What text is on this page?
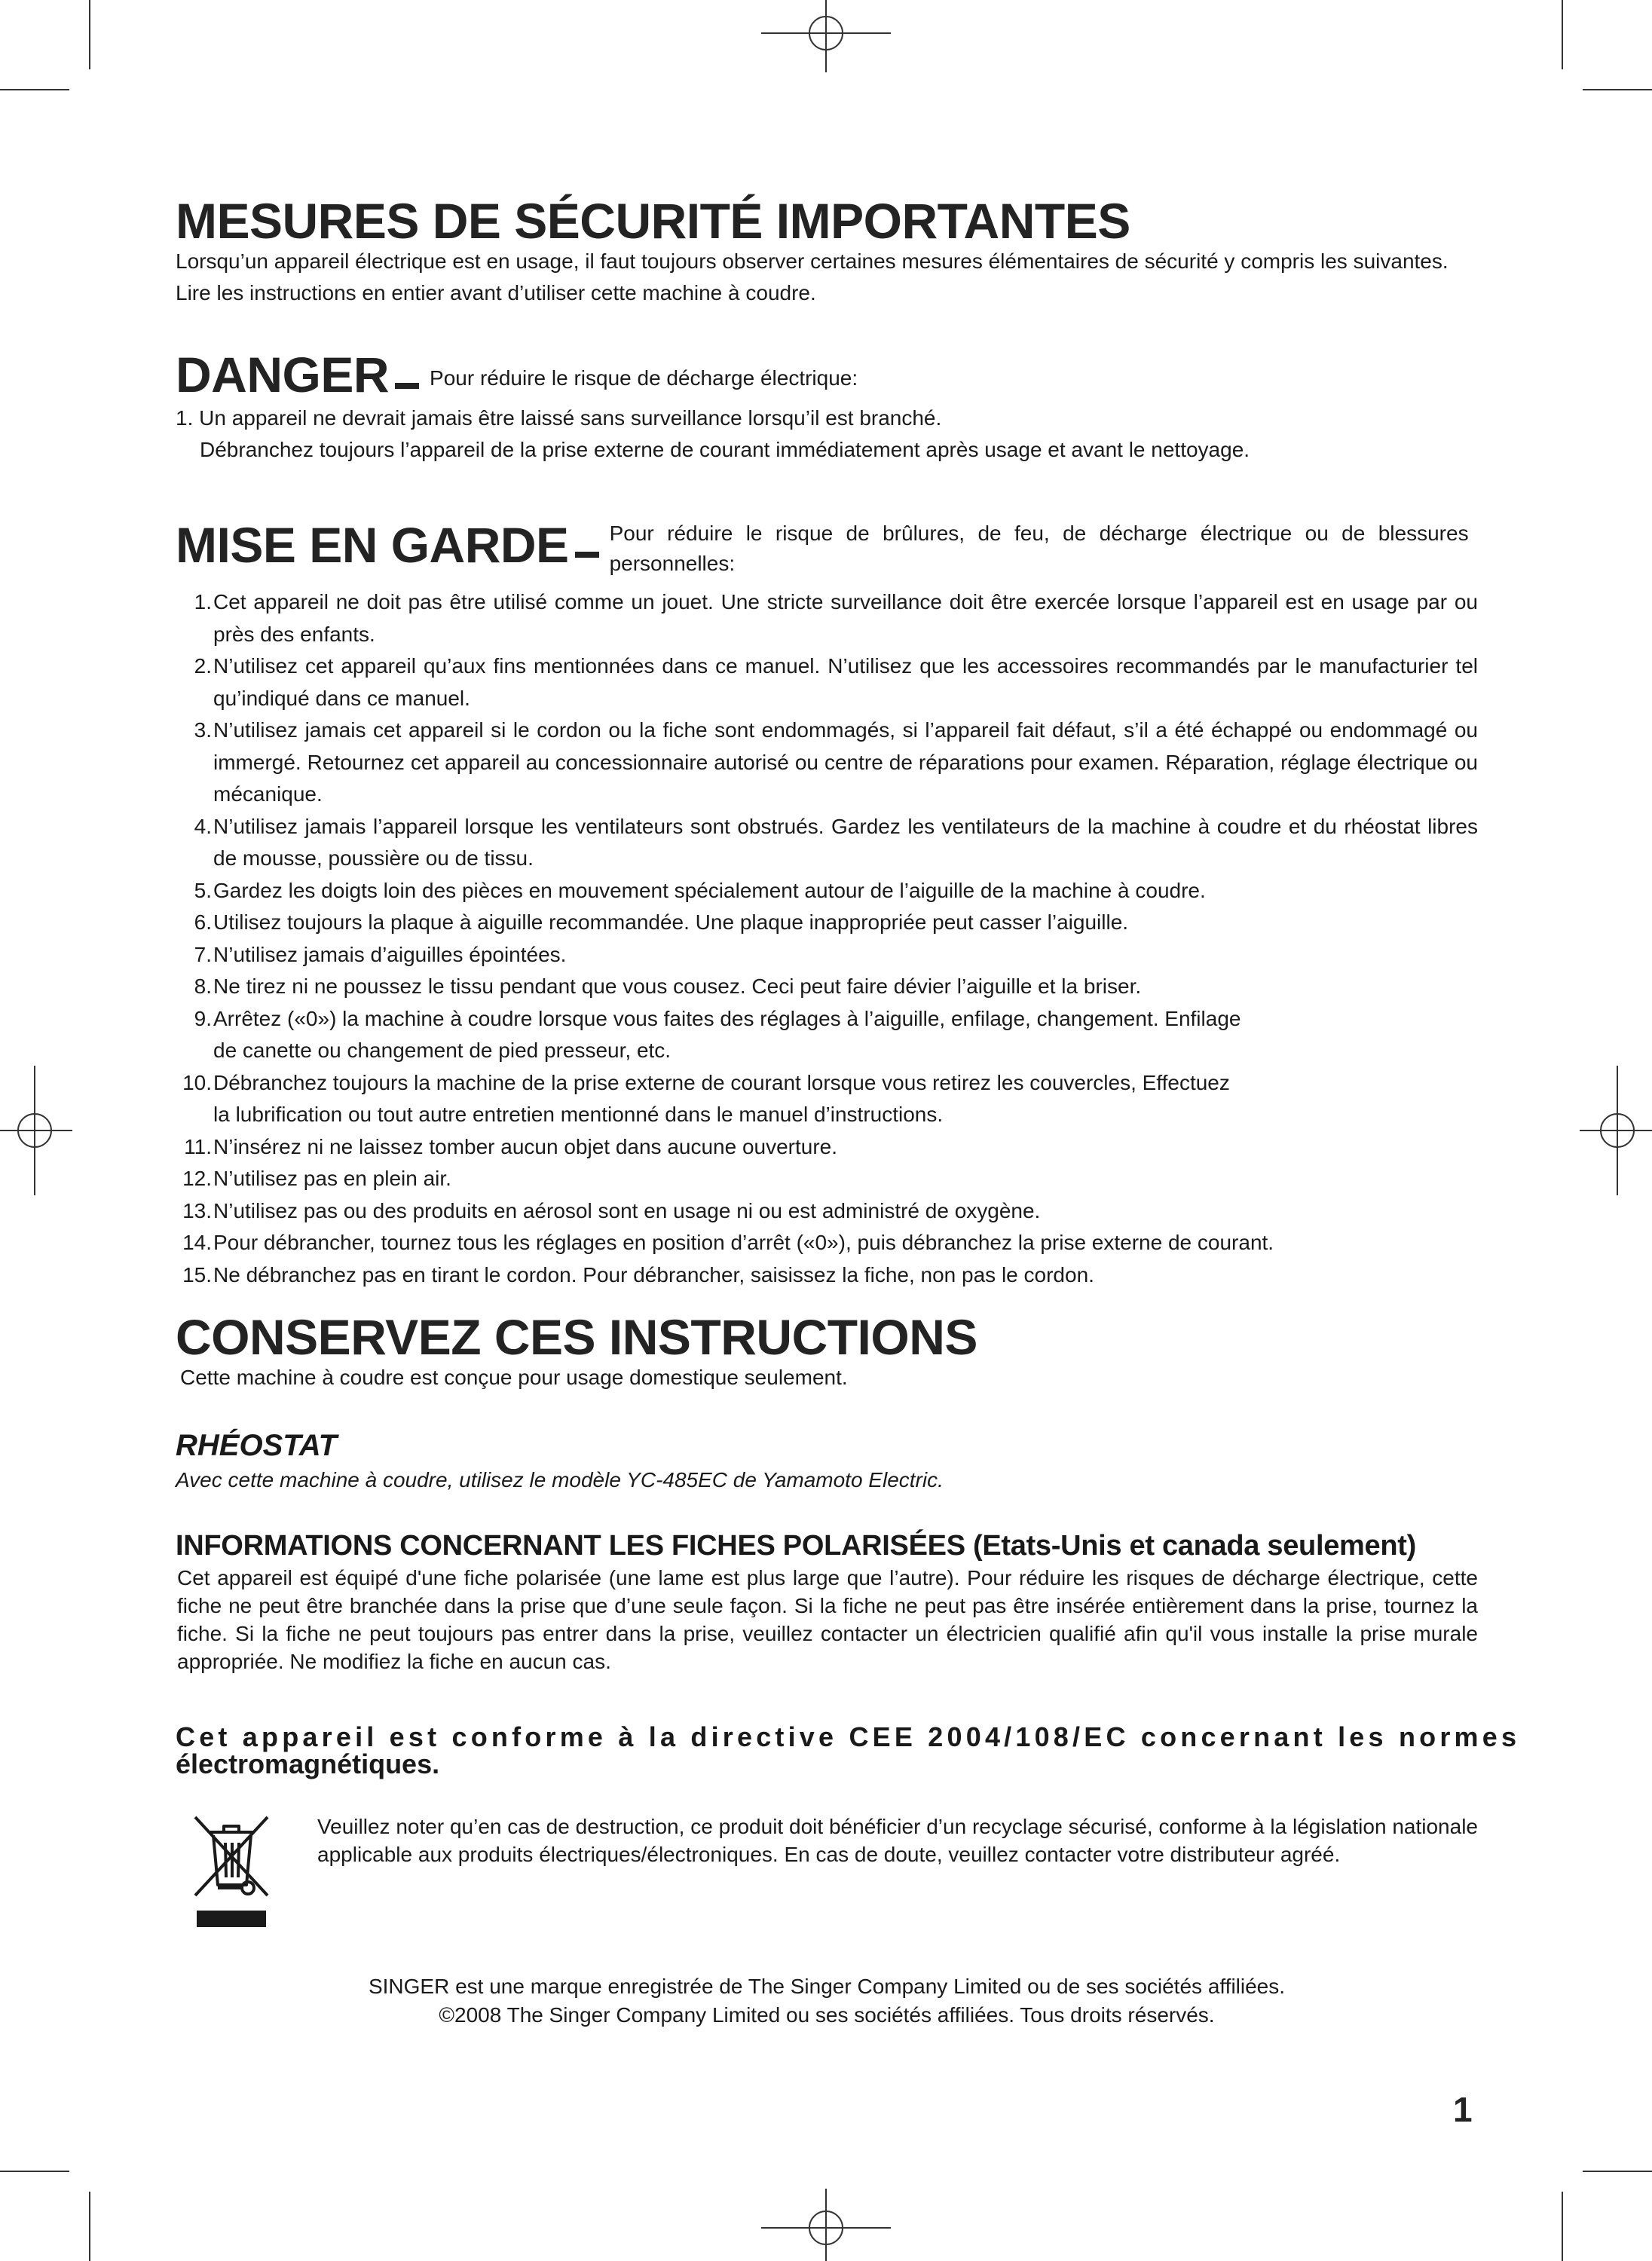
MESURES DE SÉCURITÉ IMPORTANTES

Lorsqu’un appareil électrique est en usage, il faut toujours observer certaines mesures élémentaires de sécurité y compris les suivantes.

Lire les instructions en entier avant d’utiliser cette machine à coudre.

DANGER Pour réduire le risque de décharge électrique:

1. Un appareil ne devrait jamais être laissé sans surveillance lorsqu’il est branché.

Débranchez toujours l’appareil de la prise externe de courant immédiatement après usage et avant le nettoyage.

MISE EN GARDE Pour réduire le risque de brûlures, de feu, de décharge électrique ou de blessures personnelles:
1. Cet appareil ne doit pas être utilisé comme un jouet. Une stricte surveillance doit être exercée lorsque l’appareil est en usage par ou près des enfants.
2. N’utilisez cet appareil qu’aux fins mentionnées dans ce manuel. N’utilisez que les accessoires recommandés par le manufacturier tel qu’indiqué dans ce manuel.
3. N’utilisez jamais cet appareil si le cordon ou la fiche sont endommagés, si l’appareil fait défaut, s’il a été échappé ou endommagé ou immergé. Retournez cet appareil au concessionnaire autorisé ou centre de réparations pour examen. Réparation, réglage électrique ou mécanique.
4. N’utilisez jamais l’appareil lorsque les ventilateurs sont obstrués. Gardez les ventilateurs de la machine à coudre et du rhéostat libres de mousse, poussière ou de tissu.
5. Gardez les doigts loin des pièces en mouvement spécialement autour de l’aiguille de la machine à coudre.
6. Utilisez toujours la plaque à aiguille recommandée. Une plaque inappropriée peut casser l’aiguille.
7. N’utilisez jamais d’aiguilles épointées.
8. Ne tirez ni ne poussez le tissu pendant que vous cousez. Ceci peut faire dévier l’aiguille et la briser.
9. Arrêtez («0») la machine à coudre lorsque vous faites des réglages à l’aiguille, enfilage, changement. Enfilage de canette ou changement de pied presseur, etc.
10. Débranchez toujours la machine de la prise externe de courant lorsque vous retirez les couvercles, Effectuez la lubrification ou tout autre entretien mentionné dans le manuel d’instructions.
11. N’insérez ni ne laissez tomber aucun objet dans aucune ouverture.
12. N’utilisez pas en plein air.
13. N’utilisez pas ou des produits en aérosol sont en usage ni ou est administré de oxygène.
14. Pour débrancher, tournez tous les réglages en position d’arrêt («0»), puis débranchez la prise externe de courant.
15. Ne débranchez pas en tirant le cordon. Pour débrancher, saisissez la fiche, non pas le cordon.
CONSERVEZ CES INSTRUCTIONS

Cette machine à coudre est conçue pour usage domestique seulement.

RHÉOSTAT

Avec cette machine à coudre, utilisez le modèle YC-485EC de Yamamoto Electric.

INFORMATIONS CONCERNANT LES FICHES POLARISÉES (Etats-Unis et canada seulement)

Cet appareil est équipé d'une fiche polarisée (une lame est plus large que l’autre). Pour réduire les risques de décharge électrique, cette fiche ne peut être branchée dans la prise que d’une seule façon. Si la fiche ne peut pas être insérée entièrement dans la prise, tournez la fiche. Si la fiche ne peut toujours pas entrer dans la prise, veuillez contacter un électricien qualifié afin qu'il vous installe la prise murale appropriée. Ne modifiez la fiche en aucun cas.

Cet appareil est conforme à la directive CEE 2004/108/EC concernant les normes
électromagnétiques.

Veuillez noter qu’en cas de destruction, ce produit doit bénéficier d’un recyclage sécurisé, conforme à la législation nationale applicable aux produits électriques/électroniques. En cas de doute, veuillez contacter votre distributeur agréé.

SINGER est une marque enregistrée de The Singer Company Limited ou de ses sociétés affiliées.
©2008 The Singer Company Limited ou ses sociétés affiliées. Tous droits réservés.
1
